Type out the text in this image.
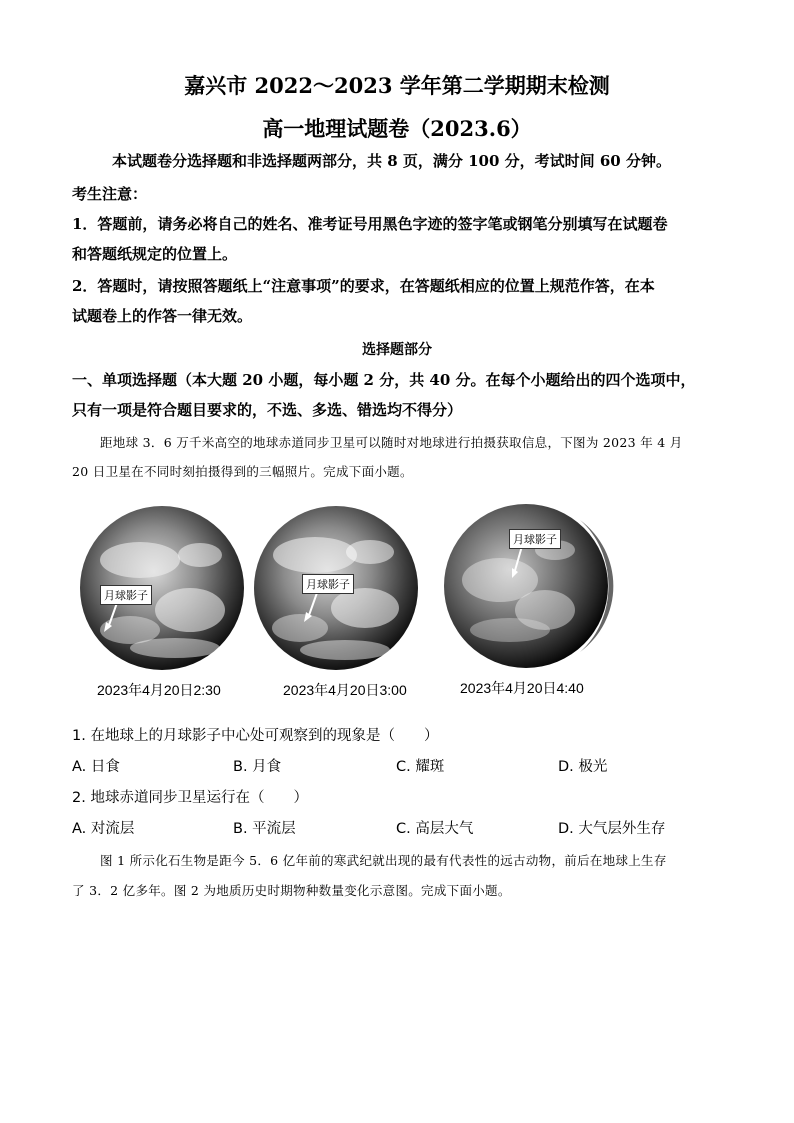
嘉兴市 2022～2023 学年第二学期期末检测
高一地理试题卷（2023.6）
本试题卷分选择题和非选择题两部分，共 8 页，满分 100 分，考试时间 60 分钟。
考生注意：
1．答题前，请务必将自己的姓名、准考证号用黑色字迹的签字笔或钢笔分别填写在试题卷
和答题纸规定的位置上。
2．答题时，请按照答题纸上“注意事项”的要求，在答题纸相应的位置上规范作答，在本
试题卷上的作答一律无效。
选择题部分
一、单项选择题（本大题 20 小题，每小题 2 分，共 40 分。在每个小题给出的四个选项中，
只有一项是符合题目要求的，不选、多选、错选均不得分）
距地球 3．6 万千米高空的地球赤道同步卫星可以随时对地球进行拍摄获取信息，下图为 2023 年 4 月
20 日卫星在不同时刻拍摄得到的三幅照片。完成下面小题。
月球影子
月球影子
月球影子
2023年4月20日2:30	2023年4月20日3:00	2023年4月20日4:40
1. 在地球上的月球影子中心处可观察到的现象是（　　）
A. 日食	B. 月食	C. 耀斑	D. 极光
2. 地球赤道同步卫星运行在（　　）
A. 对流层	B. 平流层	C. 高层大气	D. 大气层外生存
图 1 所示化石生物是距今 5．6 亿年前的寒武纪就出现的最有代表性的远古动物，前后在地球上生存
了 3．2 亿多年。图 2 为地质历史时期物种数量变化示意图。完成下面小题。
